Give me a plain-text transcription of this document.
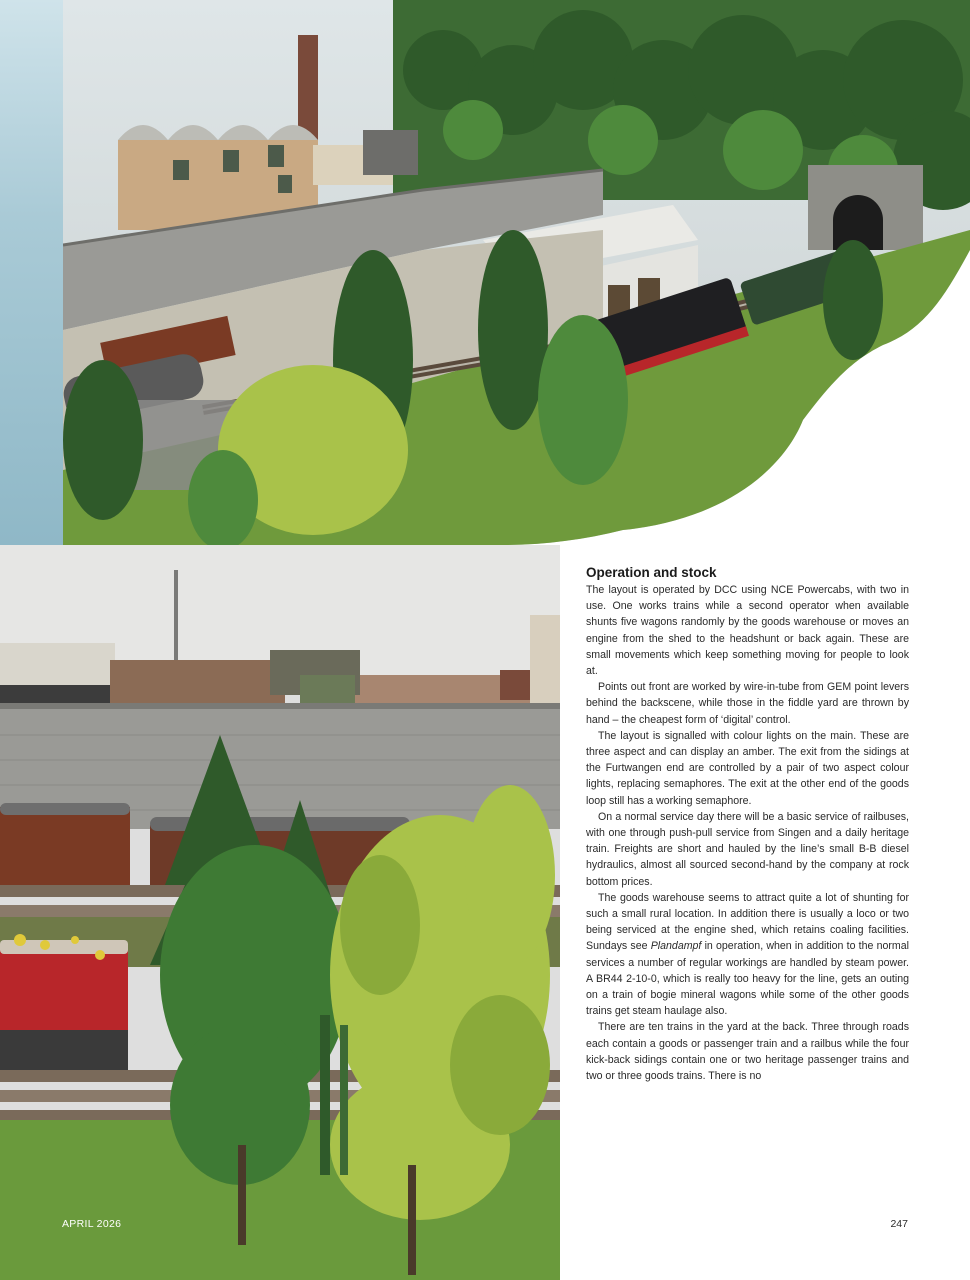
Operation and stock

The layout is operated by DCC using NCE Powercabs, with two in use. One works trains while a second operator when available shunts five wagons randomly by the goods warehouse or moves an engine from the shed to the headshunt or back again. These are small movements which keep something moving for people to look at.

Points out front are worked by wire-in-tube from GEM point levers behind the backscene, while those in the fiddle yard are thrown by hand – the cheapest form of ‘digital’ control.

The layout is signalled with colour lights on the main. These are three aspect and can display an amber. The exit from the sidings at the Furtwangen end are controlled by a pair of two aspect colour lights, replacing semaphores. The exit at the other end of the goods loop still has a working semaphore.

On a normal service day there will be a basic service of railbuses, with one through push-pull service from Singen and a daily heritage train. Freights are short and hauled by the line’s small B-B diesel hydraulics, almost all sourced second-hand by the company at rock bottom prices.

The goods warehouse seems to attract quite a lot of shunting for such a small rural location. In addition there is usually a loco or two being serviced at the engine shed, which retains coaling facilities. Sundays see Plandampf in operation, when in addition to the normal services a number of regular workings are handled by steam power. A BR44 2-10-0, which is really too heavy for the line, gets an outing on a train of bogie mineral wagons while some of the other goods trains get steam haulage also.

There are ten trains in the yard at the back. Three through roads each contain a goods or passenger train and a railbus while the four kick-back sidings contain one or two heritage passenger trains and two or three goods trains. There is no

APRIL 2026	247
